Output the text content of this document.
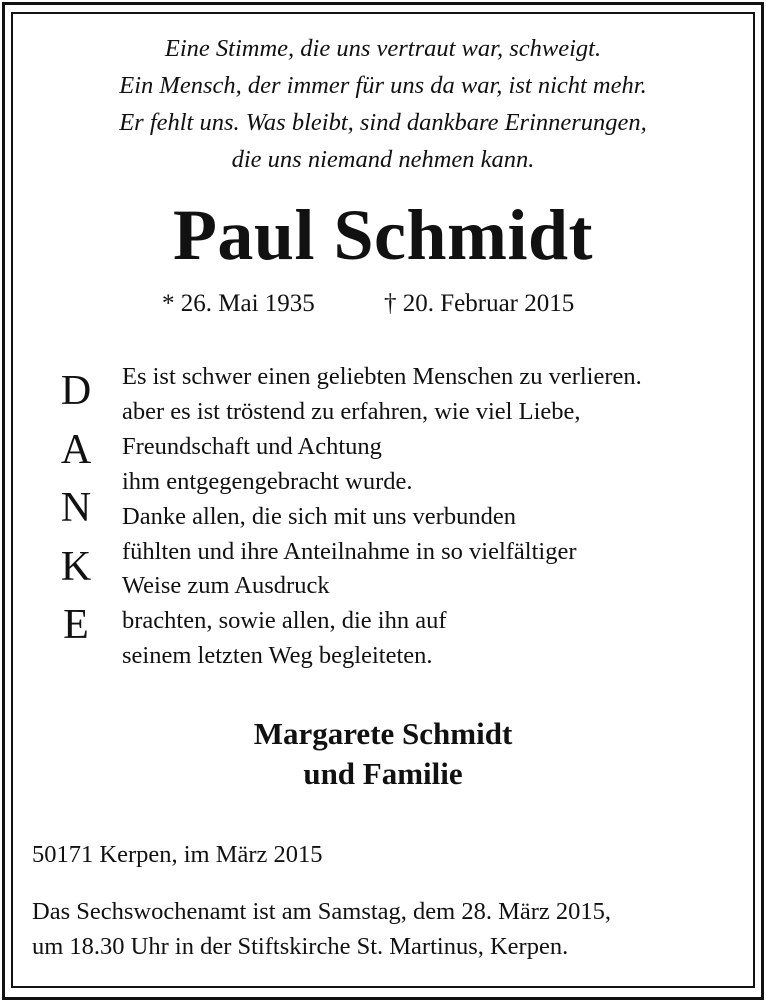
Eine Stimme, die uns vertraut war, schweigt.
Ein Mensch, der immer für uns da war, ist nicht mehr.
Er fehlt uns. Was bleibt, sind dankbare Erinnerungen,
die uns niemand nehmen kann.
Paul Schmidt
* 26. Mai 1935	† 20. Februar 2015
D
A
N
K
E
Es ist schwer einen geliebten Menschen zu verlieren.
aber es ist tröstend zu erfahren, wie viel Liebe,
Freundschaft und Achtung
ihm entgegengebracht wurde.
Danke allen, die sich mit uns verbunden
fühlten und ihre Anteilnahme in so vielfältiger
Weise zum Ausdruck
brachten, sowie allen, die ihn auf
seinem letzten Weg begleiteten.
Margarete Schmidt
und Familie
50171 Kerpen, im März 2015
Das Sechswochenamt ist am Samstag, dem 28. März 2015,
um 18.30 Uhr in der Stiftskirche St. Martinus, Kerpen.
